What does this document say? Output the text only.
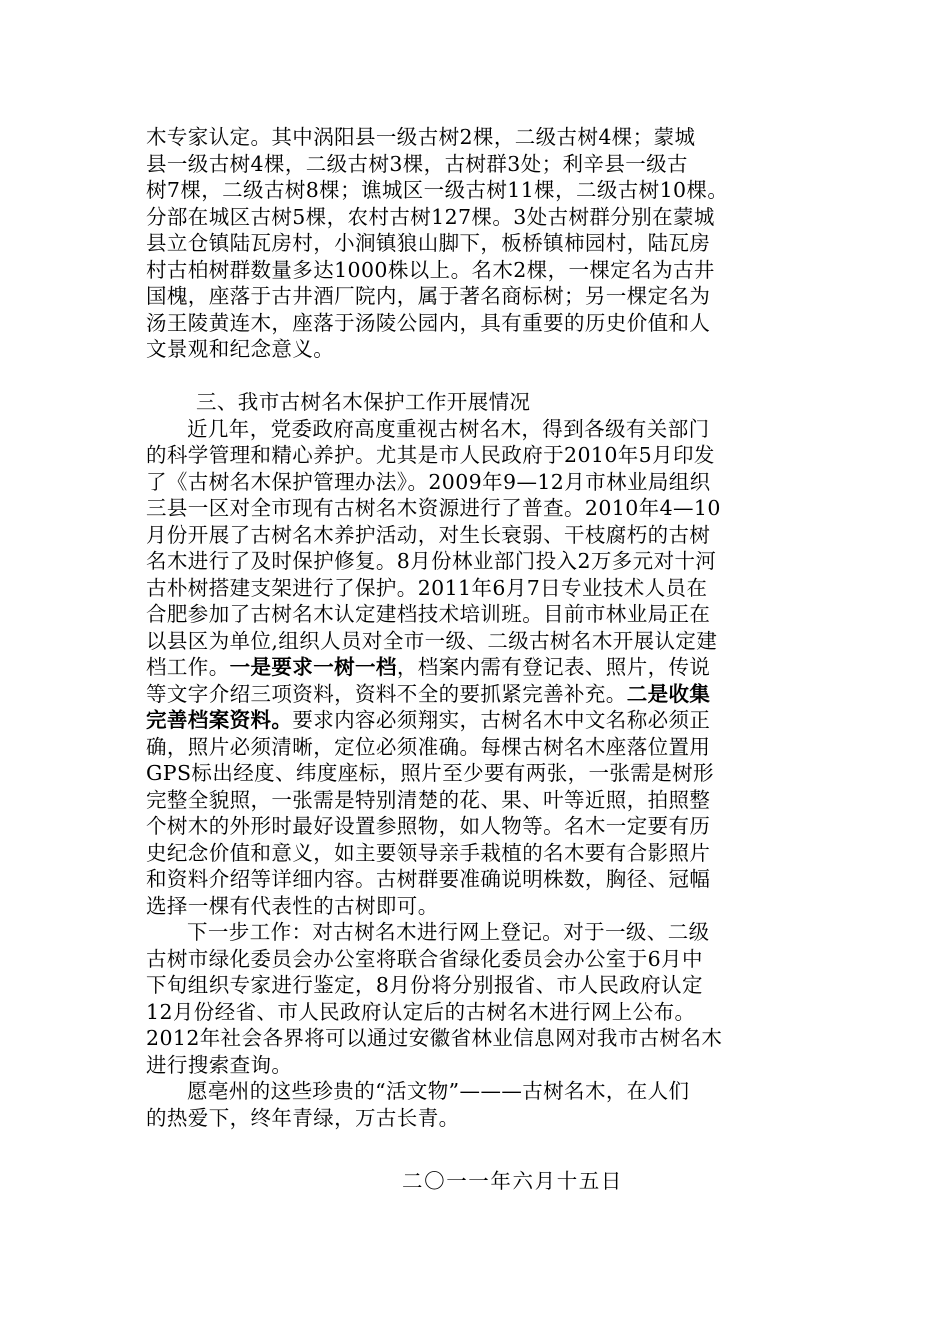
木专家认定。其中涡阳县一级古树2棵，二级古树4棵；蒙城
县一级古树4棵，二级古树3棵，古树群3处；利辛县一级古
树7棵，二级古树8棵；谯城区一级古树11棵，二级古树10棵。
分部在城区古树5棵，农村古树127棵。3处古树群分别在蒙城
县立仓镇陆瓦房村，小涧镇狼山脚下，板桥镇柿园村，陆瓦房
村古柏树群数量多达1000株以上。名木2棵，一棵定名为古井
国槐，座落于古井酒厂院内，属于著名商标树；另一棵定名为
汤王陵黄连木，座落于汤陵公园内，具有重要的历史价值和人
文景观和纪念意义。
三、我市古树名木保护工作开展情况
近几年，党委政府高度重视古树名木，得到各级有关部门
的科学管理和精心养护。尤其是市人民政府于2010年5月印发
了《古树名木保护管理办法》。2009年9—12月市林业局组织
三县一区对全市现有古树名木资源进行了普查。2010年4—10
月份开展了古树名木养护活动，对生长衰弱、干枝腐朽的古树
名木进行了及时保护修复。8月份林业部门投入2万多元对十河
古朴树搭建支架进行了保护。2011年6月7日专业技术人员在
合肥参加了古树名木认定建档技术培训班。目前市林业局正在
以县区为单位,组织人员对全市一级、二级古树名木开展认定建
档工作。一是要求一树一档，档案内需有登记表、照片，传说
等文字介绍三项资料，资料不全的要抓紧完善补充。二是收集
完善档案资料。要求内容必须翔实，古树名木中文名称必须正
确，照片必须清晰，定位必须准确。每棵古树名木座落位置用
GPS标出经度、纬度座标，照片至少要有两张，一张需是树形
完整全貌照，一张需是特别清楚的花、果、叶等近照，拍照整
个树木的外形时最好设置参照物，如人物等。名木一定要有历
史纪念价值和意义，如主要领导亲手栽植的名木要有合影照片
和资料介绍等详细内容。古树群要准确说明株数，胸径、冠幅
选择一棵有代表性的古树即可。
下一步工作：对古树名木进行网上登记。对于一级、二级
古树市绿化委员会办公室将联合省绿化委员会办公室于6月中
下旬组织专家进行鉴定，8月份将分别报省、市人民政府认定
12月份经省、市人民政府认定后的古树名木进行网上公布。
2012年社会各界将可以通过安徽省林业信息网对我市古树名木
进行搜索查询。
愿亳州的这些珍贵的“活文物”———古树名木，在人们
的热爱下，终年青绿，万古长青。
二〇一一年六月十五日
